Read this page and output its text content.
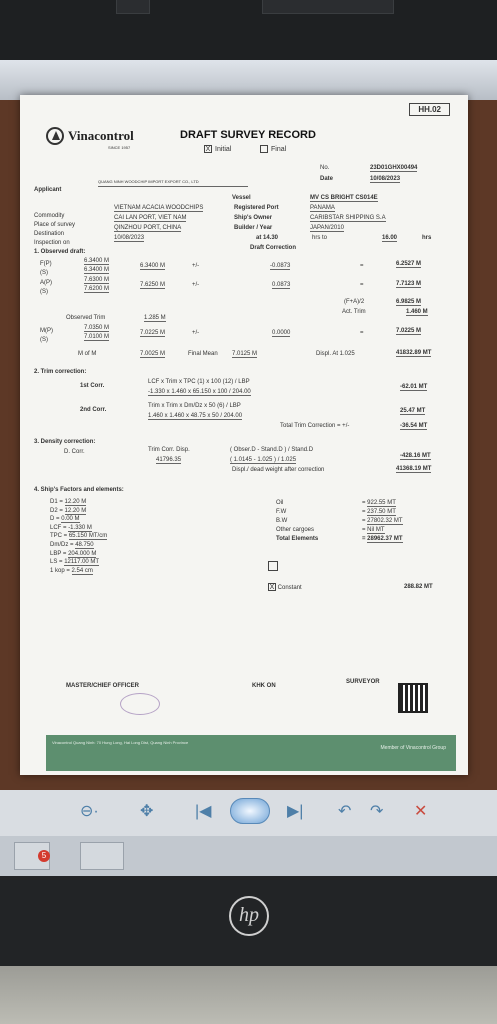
⊖·	✥	|◀	▶| ↶ ↷ ✕
5
HH.02
Vinacontrol
SINCE 1957
DRAFT SURVEY RECORD
X Initial	Final
No.	23D01GHX00494
Date	10/08/2023
Applicant
QUANG NINH WOODCHIP IMPORT EXPORT CO., LTD
Vessel	MV CS BRIGHT CS014E
Commodity
VIETNAM ACACIA WOODCHIPS	Registered Port	PANAMA
Place of survey
CAI LAN PORT, VIET NAM	Ship's Owner	CARIBSTAR SHIPPING S.A
Destination
QINZHOU PORT, CHINA	Builder / Year	JAPAN/2010
Inspection on
10/08/2023	at 14.30	hrs to	16.00	hrs
1. Observed draft:
Draft Correction
F(P)	6.3400 M
(S)	6.3400 M
6.3400 M	+/-	-0.0873	=	6.2527 M
A(P)	7.6300 M
(S)	7.6200 M
7.6250 M	+/-	0.0873	=	7.7123 M
(F+A)/2	6.9825 M
Act. Trim	1.460 M
Observed Trim	1.285 M
M(P)	7.0350 M
(S)	7.0100 M
7.0225 M	+/-	0.0000	=	7.0225 M
M of M	7.0025 M	Final Mean 7.0125 M	Displ. At 1.025	41832.89 MT
2. Trim correction:
1st Corr.
LCF x Trim x TPC (1) x 100 (12) / LBP
-1.330 x 1.460 x 65.150 x 100 / 204.00
-62.01 MT
2nd Corr.
Trim x Trim x Dm/Dz x 50 (6) / LBP
1.460 x 1.460 x 48.75 x 50 / 204.00
25.47 MT
Total Trim Correction = +/-	-36.54 MT
3. Density correction:
D. Corr.	Trim Corr. Disp.
41796.35
( Obser.D - Stand.D ) / Stand.D
( 1.0145 - 1.025 ) / 1.025
-428.16 MT
Displ./ dead weight after correction	41368.19 MT
4. Ship's Factors and elements:
D1 = 12.20 M
D2 = 12.20 M
D = 0.00 M
LCF = -1.330 M
TPC = 65.150 MT/cm
Dm/Dz = 48.750
LBP = 204.000 M
LS = 12117.00 MT
1 kop = 2.54 cm
Oil	= 922.55 MT
F.W	= 237.50 MT
B.W	= 27802.32 MT
Other cargoes	= Nil MT
Total Elements	= 28962.37 MT
X Constant	288.82 MT
MASTER/CHIEF OFFICER	KHK ON
SURVEYOR
Vinacontrol Quang Ninh: 70 Hung Long, Hai Long Dist, Quang Ninh Province
Member of Vinacontrol Group
hp
